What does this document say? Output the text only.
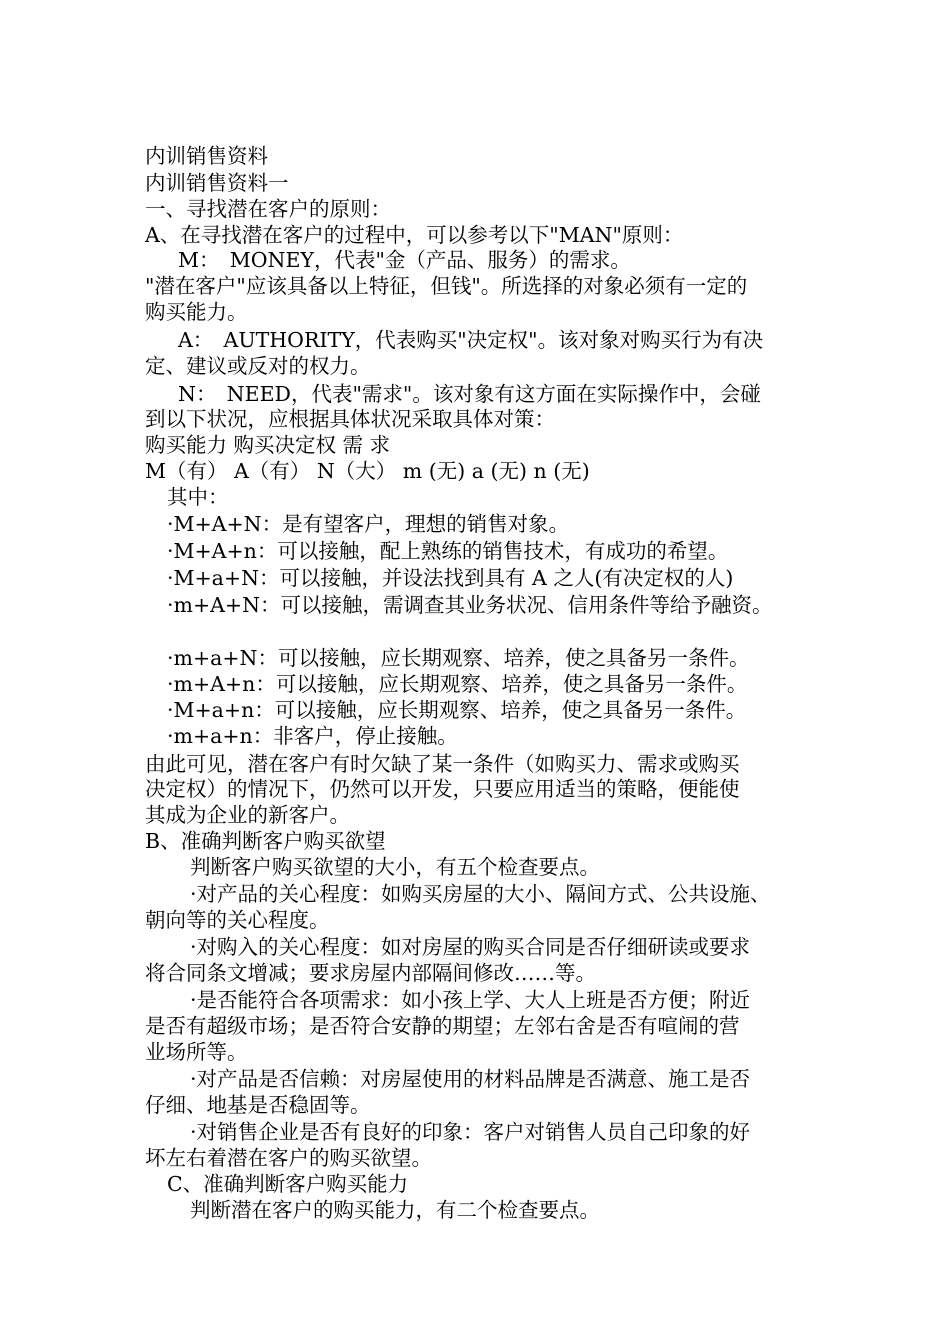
内训销售资料
内训销售资料一
一、寻找潜在客户的原则：
A、在寻找潜在客户的过程中，可以参考以下"MAN"原则：
M：　MONEY，代表"金（产品、服务）的需求。
"潜在客户"应该具备以上特征，但钱"。所选择的对象必须有一定的
购买能力。
A：　AUTHORITY，代表购买"决定权"。该对象对购买行为有决
定、建议或反对的权力。
N：　NEED，代表"需求"。该对象有这方面在实际操作中，会碰
到以下状况，应根据具体状况采取具体对策：
购买能力 购买决定权 需 求
M（有） A（有） N（大） m (无) a (无) n (无)
其中：
·M+A+N：是有望客户，理想的销售对象。
·M+A+n：可以接触，配上熟练的销售技术，有成功的希望。
·M+a+N：可以接触，并设法找到具有 A 之人(有决定权的人)
·m+A+N：可以接触，需调查其业务状况、信用条件等给予融资。
·m+a+N：可以接触，应长期观察、培养，使之具备另一条件。
·m+A+n：可以接触，应长期观察、培养，使之具备另一条件。
·M+a+n：可以接触，应长期观察、培养，使之具备另一条件。
·m+a+n：非客户，停止接触。
由此可见，潜在客户有时欠缺了某一条件（如购买力、需求或购买
决定权）的情况下，仍然可以开发，只要应用适当的策略，便能使
其成为企业的新客户。
B、准确判断客户购买欲望
判断客户购买欲望的大小，有五个检查要点。
·对产品的关心程度：如购买房屋的大小、隔间方式、公共设施、
朝向等的关心程度。
·对购入的关心程度：如对房屋的购买合同是否仔细研读或要求
将合同条文增减；要求房屋内部隔间修改……等。
·是否能符合各项需求：如小孩上学、大人上班是否方便；附近
是否有超级市场；是否符合安静的期望；左邻右舍是否有喧闹的营
业场所等。
·对产品是否信赖：对房屋使用的材料品牌是否满意、施工是否
仔细、地基是否稳固等。
·对销售企业是否有良好的印象：客户对销售人员自己印象的好
坏左右着潜在客户的购买欲望。
C、准确判断客户购买能力
判断潜在客户的购买能力，有二个检查要点。
